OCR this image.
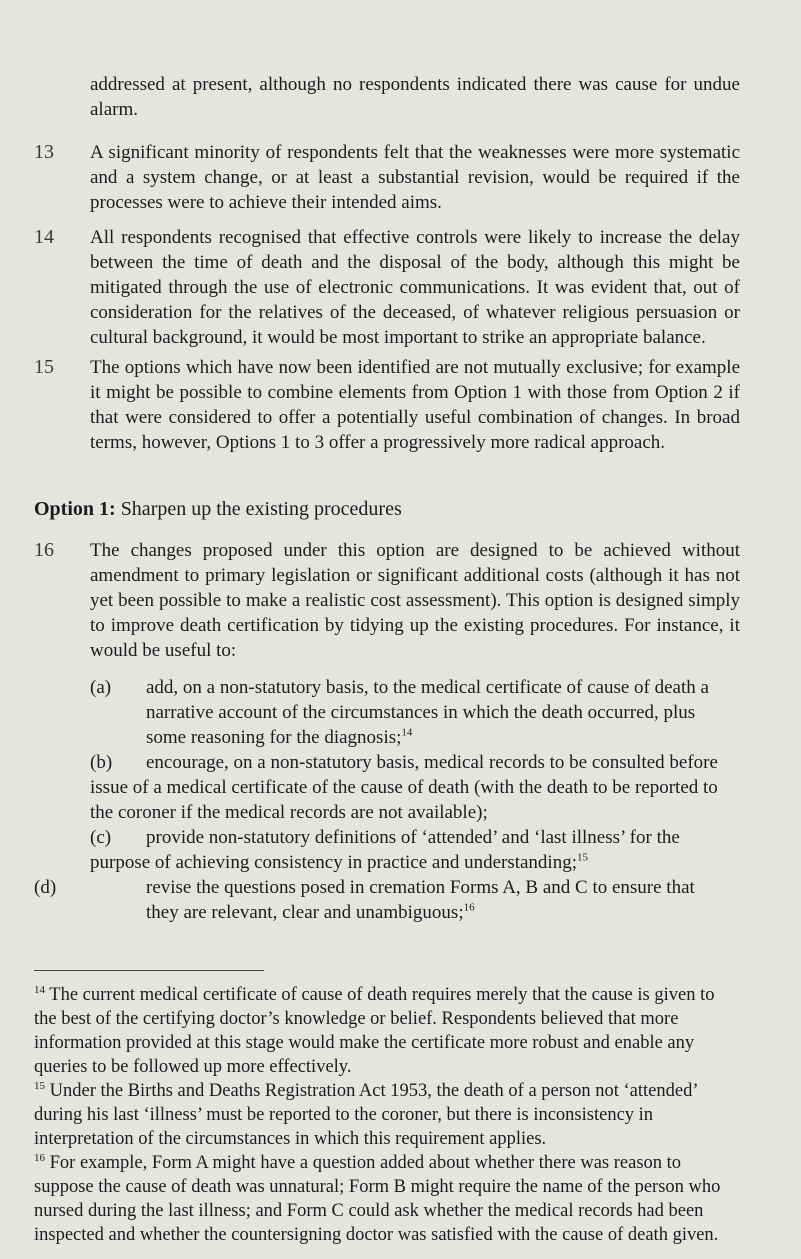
addressed at present, although no respondents indicated there was cause for undue alarm.
13	A significant minority of respondents felt that the weaknesses were more systematic and a system change, or at least a substantial revision, would be required if the processes were to achieve their intended aims.
14	All respondents recognised that effective controls were likely to increase the delay between the time of death and the disposal of the body, although this might be mitigated through the use of electronic communications. It was evident that, out of consideration for the relatives of the deceased, of whatever religious persuasion or cultural background, it would be most important to strike an appropriate balance.
15	The options which have now been identified are not mutually exclusive; for example it might be possible to combine elements from Option 1 with those from Option 2 if that were considered to offer a potentially useful combination of changes. In broad terms, however, Options 1 to 3 offer a progressively more radical approach.
Option 1: Sharpen up the existing procedures
16	The changes proposed under this option are designed to be achieved without amendment to primary legislation or significant additional costs (although it has not yet been possible to make a realistic cost assessment). This option is designed simply to improve death certification by tidying up the existing procedures. For instance, it would be useful to:
(a)	add, on a non-statutory basis, to the medical certificate of cause of death a narrative account of the circumstances in which the death occurred, plus some reasoning for the diagnosis;$^{14}$
(b) encourage, on a non-statutory basis, medical records to be consulted before issue of a medical certificate of the cause of death (with the death to be reported to the coroner if the medical records are not available);
(c) provide non-statutory definitions of ‘attended’ and ‘last illness’ for the purpose of achieving consistency in practice and understanding;$^{15}$
(d)	revise the questions posed in cremation Forms A, B and C to ensure that they are relevant, clear and unambiguous;$^{16}$

$^{14}$ The current medical certificate of cause of death requires merely that the cause is given to the best of the certifying doctor’s knowledge or belief. Respondents believed that more information provided at this stage would make the certificate more robust and enable any queries to be followed up more effectively.

$^{15}$ Under the Births and Deaths Registration Act 1953, the death of a person not ‘attended’ during his last ‘illness’ must be reported to the coroner, but there is inconsistency in interpretation of the circumstances in which this requirement applies.

$^{16}$ For example, Form A might have a question added about whether there was reason to suppose the cause of death was unnatural; Form B might require the name of the person who nursed during the last illness; and Form C could ask whether the medical records had been inspected and whether the countersigning doctor was satisfied with the cause of death given.
